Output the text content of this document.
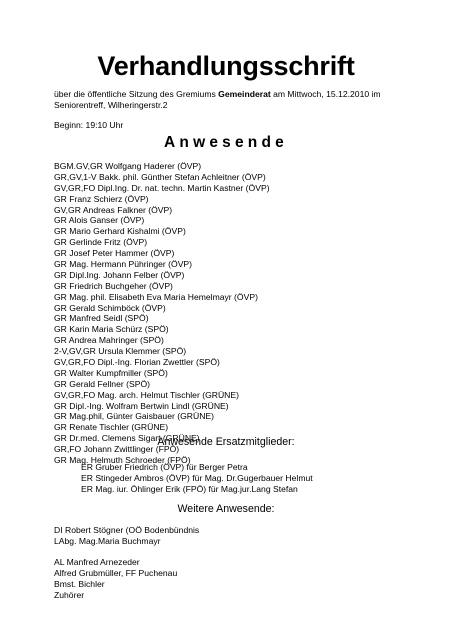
Verhandlungsschrift
über die öffentliche Sitzung des Gremiums Gemeinderat am Mittwoch, 15.12.2010 im Seniorentreff, Wilheringerstr.2
Beginn: 19:10 Uhr
Anwesende
BGM.GV,GR Wolfgang Haderer (ÖVP)
GR,GV,1-V Bakk. phil. Günther Stefan Achleitner (ÖVP)
GV,GR,FO Dipl.Ing. Dr. nat. techn. Martin Kastner (ÖVP)
GR Franz Schierz (ÖVP)
GV,GR Andreas Falkner (ÖVP)
GR Alois Ganser (ÖVP)
GR Mario Gerhard Kishalmi (ÖVP)
GR Gerlinde Fritz (ÖVP)
GR Josef Peter Hammer (ÖVP)
GR Mag. Hermann Pühringer (ÖVP)
GR Dipl.Ing. Johann Felber (ÖVP)
GR Friedrich Buchgeher (ÖVP)
GR Mag. phil. Elisabeth Eva Maria Hemelmayr (ÖVP)
GR Gerald Schimböck (ÖVP)
GR Manfred Seidl (SPÖ)
GR Karin Maria Schürz (SPÖ)
GR Andrea Mahringer (SPÖ)
2-V,GV,GR Ursula Klemmer (SPÖ)
GV,GR,FO Dipl.-Ing. Florian Zwettler (SPÖ)
GR Walter Kumpfmiller (SPÖ)
GR Gerald Fellner (SPÖ)
GV,GR,FO Mag. arch. Helmut Tischler (GRÜNE)
GR Dipl.-Ing. Wolfram Bertwin Lindl (GRÜNE)
GR Mag.phil, Günter Gaisbauer (GRÜNE)
GR Renate Tischler (GRÜNE)
GR Dr.med. Clemens Sigart (GRÜNE)
GR,FO Johann Zwittlinger (FPÖ)
GR Mag. Helmuth Schroeder (FPÖ)
Anwesende Ersatzmitglieder:
ER Gruber Friedrich (ÖVP) für Berger Petra
ER Stingeder Ambros (ÖVP) für Mag. Dr.Gugerbauer Helmut
ER Mag. iur. Öhlinger Erik (FPÖ) für Mag.jur.Lang Stefan
Weitere Anwesende:
DI Robert Stögner (OÖ Bodenbündnis
LAbg. Mag.Maria Buchmayr
AL Manfred Arnezeder
Alfred Grubmüller, FF Puchenau
Bmst. Bichler
Zuhörer
